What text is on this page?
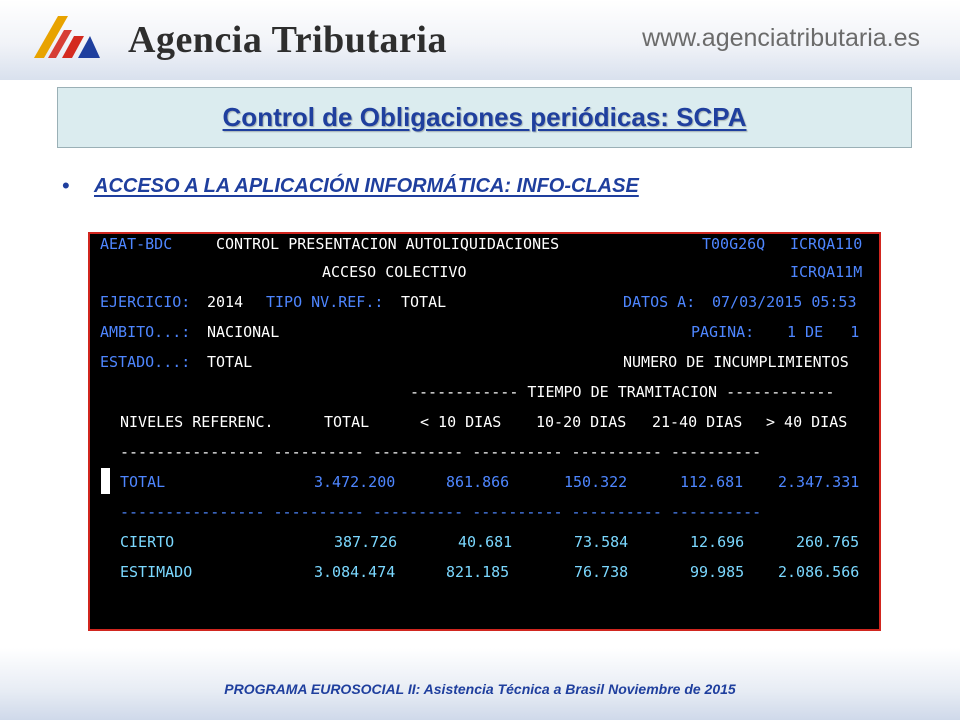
Agencia Tributaria	www.agenciatributaria.es
Control de Obligaciones periódicas: SCPA
•	ACCESO A LA APLICACIÓN INFORMÁTICA: INFO-CLASE
AEAT-BDC	CONTROL PRESENTACION AUTOLIQUIDACIONES	T00G26Q ICRQA110
ACCESO COLECTIVO	ICRQA11M
EJERCICIO: 2014 TIPO NV.REF.: TOTAL	DATOS A: 07/03/2015 05:53
AMBITO...: NACIONAL	PAGINA: 1 DE   1
ESTADO...: TOTAL	NUMERO DE INCUMPLIMIENTOS
------------ TIEMPO DE TRAMITACION ------------
NIVELES REFERENC.	TOTAL	< 10 DIAS 10-20 DIAS 21-40 DIAS > 40 DIAS
---------------- ---------- ---------- ---------- ---------- ----------
TOTAL	3.472.200	861.866	150.322	112.681 2.347.331
---------------- ---------- ---------- ---------- ---------- ----------
CIERTO	387.726	40.681	73.584	12.696	260.765
ESTIMADO	3.084.474	821.185	76.738	99.985 2.086.566
PROGRAMA EUROSOCIAL II: Asistencia Técnica a Brasil Noviembre de 2015
